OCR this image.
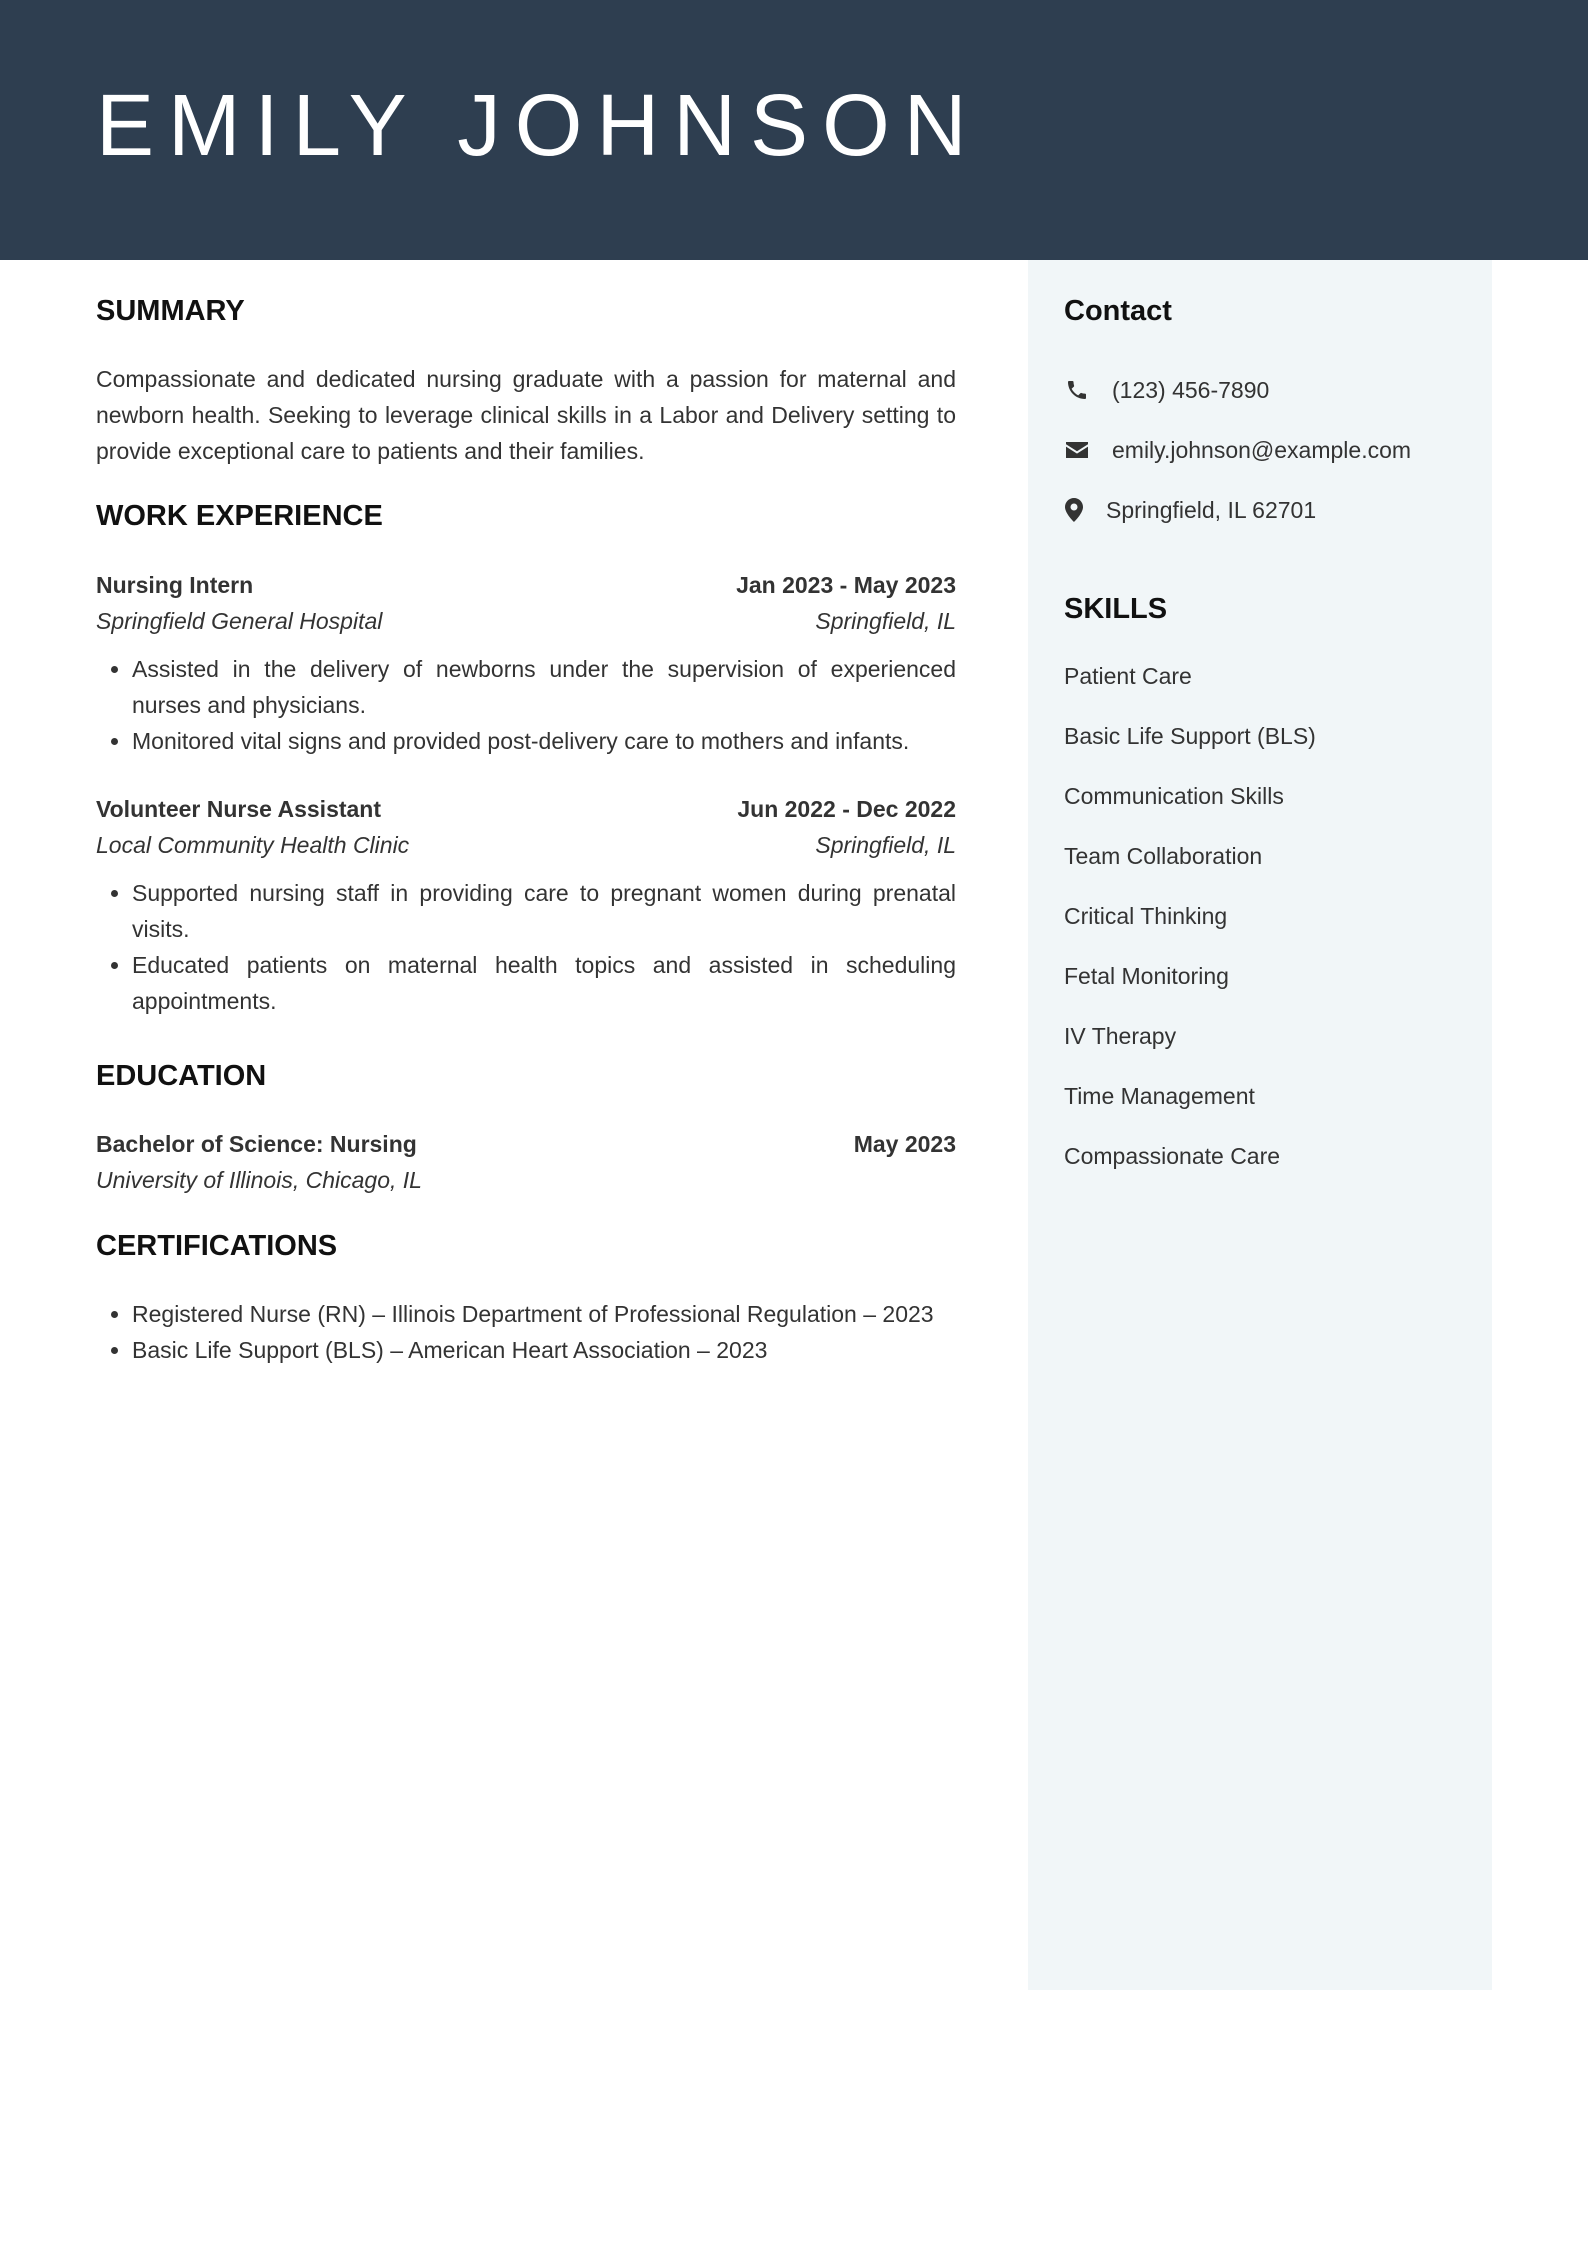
EMILY JOHNSON
SUMMARY

Compassionate and dedicated nursing graduate with a passion for maternal and newborn health. Seeking to leverage clinical skills in a Labor and Delivery setting to provide exceptional care to patients and their families.

WORK EXPERIENCE
Nursing Intern	Jan 2023 - May 2023
Springfield General Hospital	Springfield, IL
• Assisted in the delivery of newborns under the supervision of experienced nurses and physicians.
• Monitored vital signs and provided post-delivery care to mothers and infants.
Volunteer Nurse Assistant	Jun 2022 - Dec 2022
Local Community Health Clinic	Springfield, IL
• Supported nursing staff in providing care to pregnant women during prenatal visits.
• Educated patients on maternal health topics and assisted in scheduling appointments.
EDUCATION
Bachelor of Science: Nursing	May 2023
University of Illinois, Chicago, IL
CERTIFICATIONS
• Registered Nurse (RN) – Illinois Department of Professional Regulation – 2023
• Basic Life Support (BLS) – American Heart Association – 2023
Contact
(123) 456-7890
emily.johnson@example.com
Springfield, IL 62701
SKILLS
Patient Care
Basic Life Support (BLS)
Communication Skills
Team Collaboration
Critical Thinking
Fetal Monitoring
IV Therapy
Time Management
Compassionate Care
